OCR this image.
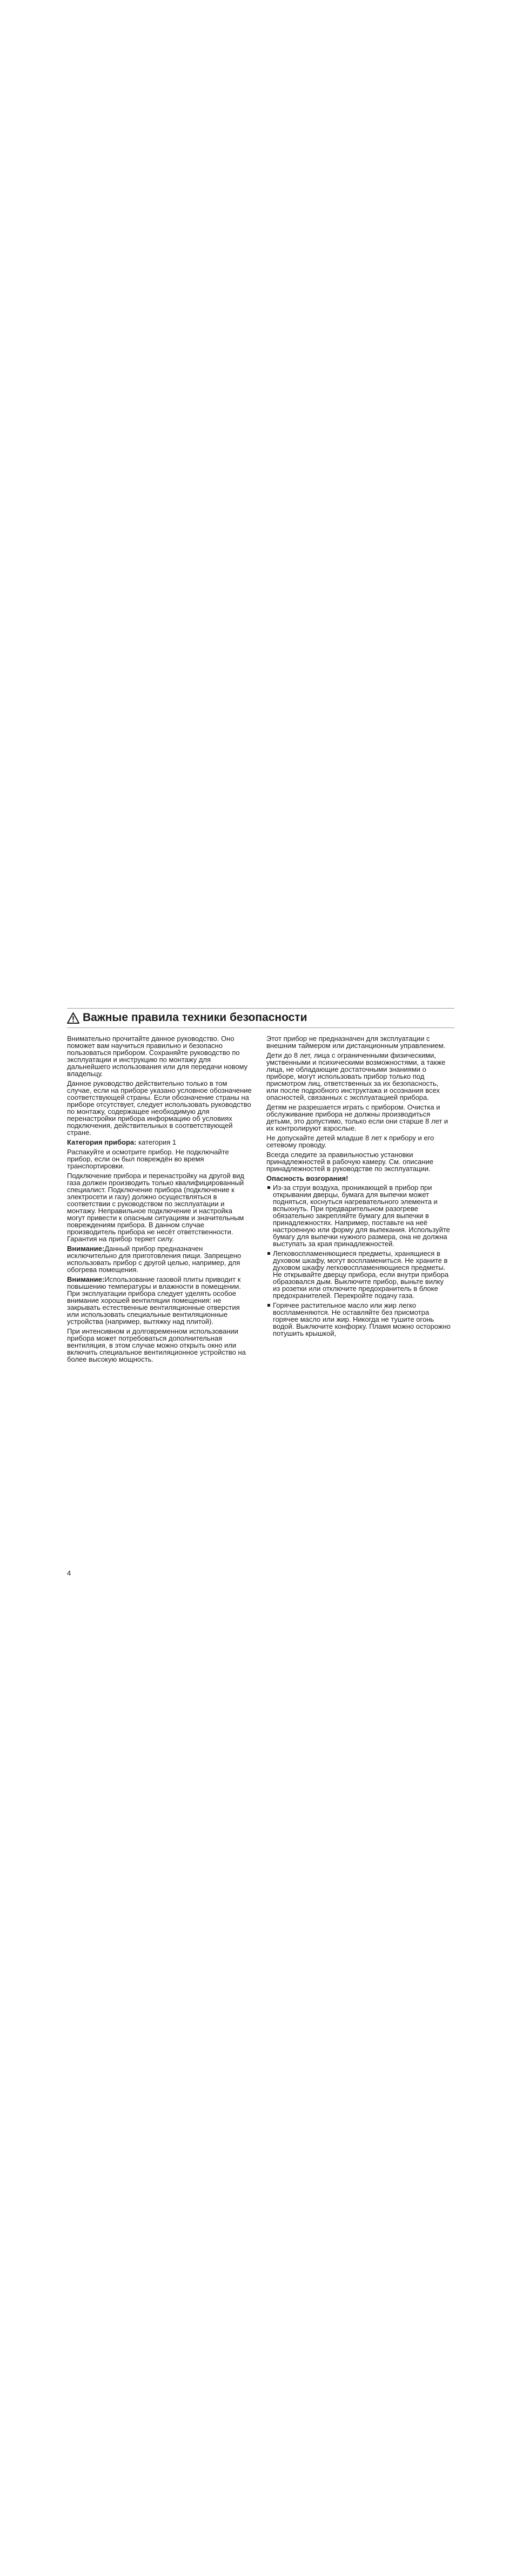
Важные правила техники безопасности

Внимательно прочитайте данное руководство. Оно поможет вам научиться правильно и безопасно пользоваться прибором. Сохраняйте руководство по эксплуатации и инструкцию по монтажу для дальнейшего использования или для передачи новому владельцу.

Данное руководство действительно только в том случае, если на приборе указано условное обозначение соответствующей страны. Если обозначение страны на приборе отсутствует, следует использовать руководство по монтажу, содержащее необходимую для перенастройки прибора информацию об условиях подключения, действительных в соответствующей стране.

Категория прибора: категория 1

Распакуйте и осмотрите прибор. Не подключайте прибор, если он был повреждён во время транспортировки.

Подключение прибора и перенастройку на другой вид газа должен производить только квалифицированный специалист. Подключение прибора (подключение к электросети и газу) должно осуществляться в соответствии с руководством по эксплуатации и монтажу. Неправильное подключение и настройка могут привести к опасным ситуациям и значительным повреждениям прибора. В данном случае производитель прибора не несёт ответственности. Гарантия на прибор теряет силу.

Внимание:Данный прибор предназначен исключительно для приготовления пищи. Запрещено использовать прибор с другой целью, например, для обогрева помещения.

Внимание:Использование газовой плиты приводит к повышению температуры и влажности в помещении. При эксплуатации прибора следует уделять особое внимание хорошей вентиляции помещения: не закрывать естественные вентиляционные отверстия или использовать специальные вентиляционные устройства (например, вытяжку над плитой).

При интенсивном и долговременном использовании прибора может потребоваться дополнительная вентиляция, в этом случае можно открыть окно или включить специальное вентиляционное устройство на более высокую мощность.

Этот прибор не предназначен для эксплуатации с внешним таймером или дистанционным управлением.

Дети до 8 лет, лица с ограниченными физическими, умственными и психическими возможностями, а также лица, не обладающие достаточными знаниями о приборе, могут использовать прибор только под присмотром лиц, ответственных за их безопасность, или после подробного инструктажа и осознания всех опасностей, связанных с эксплуатацией прибора.

Детям не разрешается играть с прибором. Очистка и обслуживание прибора не должны производиться детьми, это допустимо, только если они старше 8 лет и их контролируют взрослые.

Не допускайте детей младше 8 лет к прибору и его сетевому проводу.

Всегда следите за правильностью установки принадлежностей в рабочую камеру. См. описание принадлежностей в руководстве по эксплуатации.

Опасность возгорания!
Из-за струи воздуха, проникающей в прибор при открывании дверцы, бумага для выпечки может подняться, коснуться нагревательного элемента и вспыхнуть. При предварительном разогреве обязательно закрепляйте бумагу для выпечки в принадлежностях. Например, поставьте на неё настроенную или форму для выпекания. Используйте бумагу для выпечки нужного размера, она не должна выступать за края принадлежностей.
Легковоспламеняющиеся предметы, хранящиеся в духовом шкафу, могут воспламениться. Не храните в духовом шкафу легковоспламеняющиеся предметы. Не открывайте дверцу прибора, если внутри прибора образовался дым. Выключите прибор, выньте вилку из розетки или отключите предохранитель в блоке предохранителей. Перекройте подачу газа.
Горячее растительное масло или жир легко воспламеняются. Не оставляйте без присмотра горячее масло или жир. Никогда не тушите огонь водой. Выключите конфорку. Пламя можно осторожно потушить крышкой,
4
